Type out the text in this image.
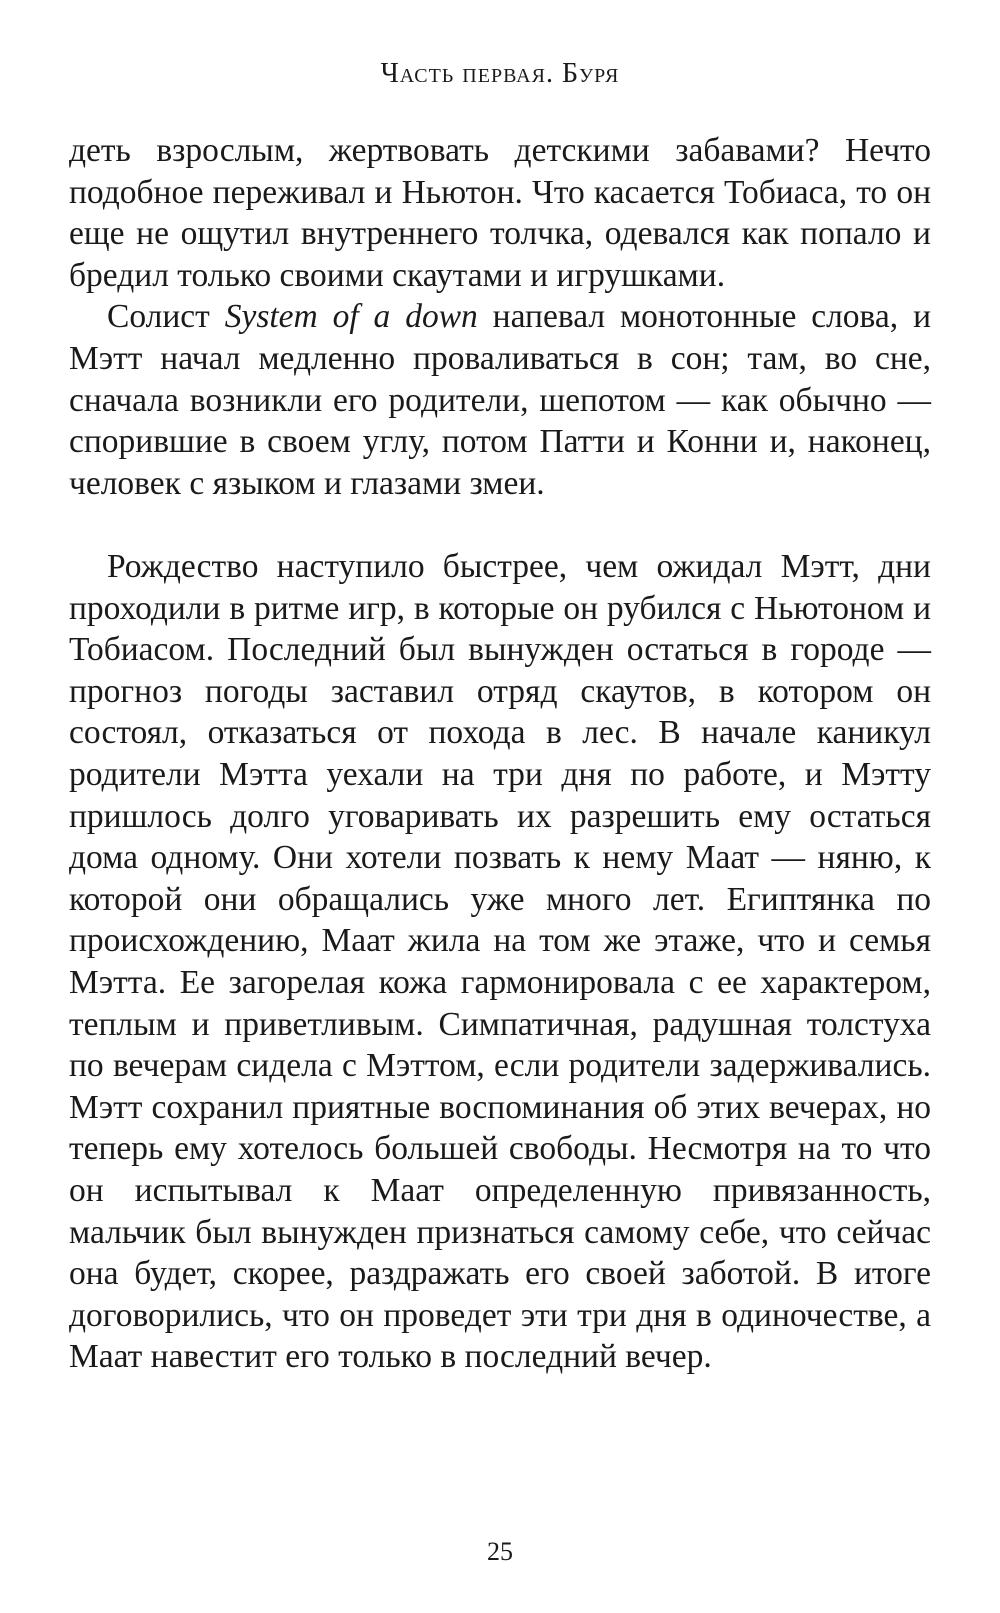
Часть первая. Буря

деть взрослым, жертвовать детскими забавами? Нечто подобное переживал и Ньютон. Что касается Тобиаса, то он еще не ощутил внутреннего толчка, одевался как попало и бредил только своими скаутами и игрушками.

Солист System of a down напевал монотонные слова, и Мэтт начал медленно проваливаться в сон; там, во сне, сначала возникли его родители, шепотом — как обычно — спорившие в своем углу, потом Патти и Конни и, наконец, человек с языком и глазами змеи.

Рождество наступило быстрее, чем ожидал Мэтт, дни проходили в ритме игр, в которые он рубился с Ньютоном и Тобиасом. Последний был вынужден остаться в городе — прогноз погоды заставил отряд скаутов, в котором он состоял, отказаться от похода в лес. В начале каникул родители Мэтта уехали на три дня по работе, и Мэтту пришлось долго уговаривать их разрешить ему остаться дома одному. Они хотели позвать к нему Маат — няню, к которой они обращались уже много лет. Египтянка по происхождению, Маат жила на том же этаже, что и семья Мэтта. Ее загорелая кожа гармонировала с ее характером, теплым и приветливым. Симпатичная, радушная толстуха по вечерам сидела с Мэттом, если родители задерживались. Мэтт сохранил приятные воспоминания об этих вечерах, но теперь ему хотелось большей свободы. Несмотря на то что он испытывал к Маат определенную привязанность, мальчик был вынужден признаться самому себе, что сейчас она будет, скорее, раздражать его своей заботой. В итоге договорились, что он проведет эти три дня в одиночестве, а Маат навестит его только в последний вечер.

25
